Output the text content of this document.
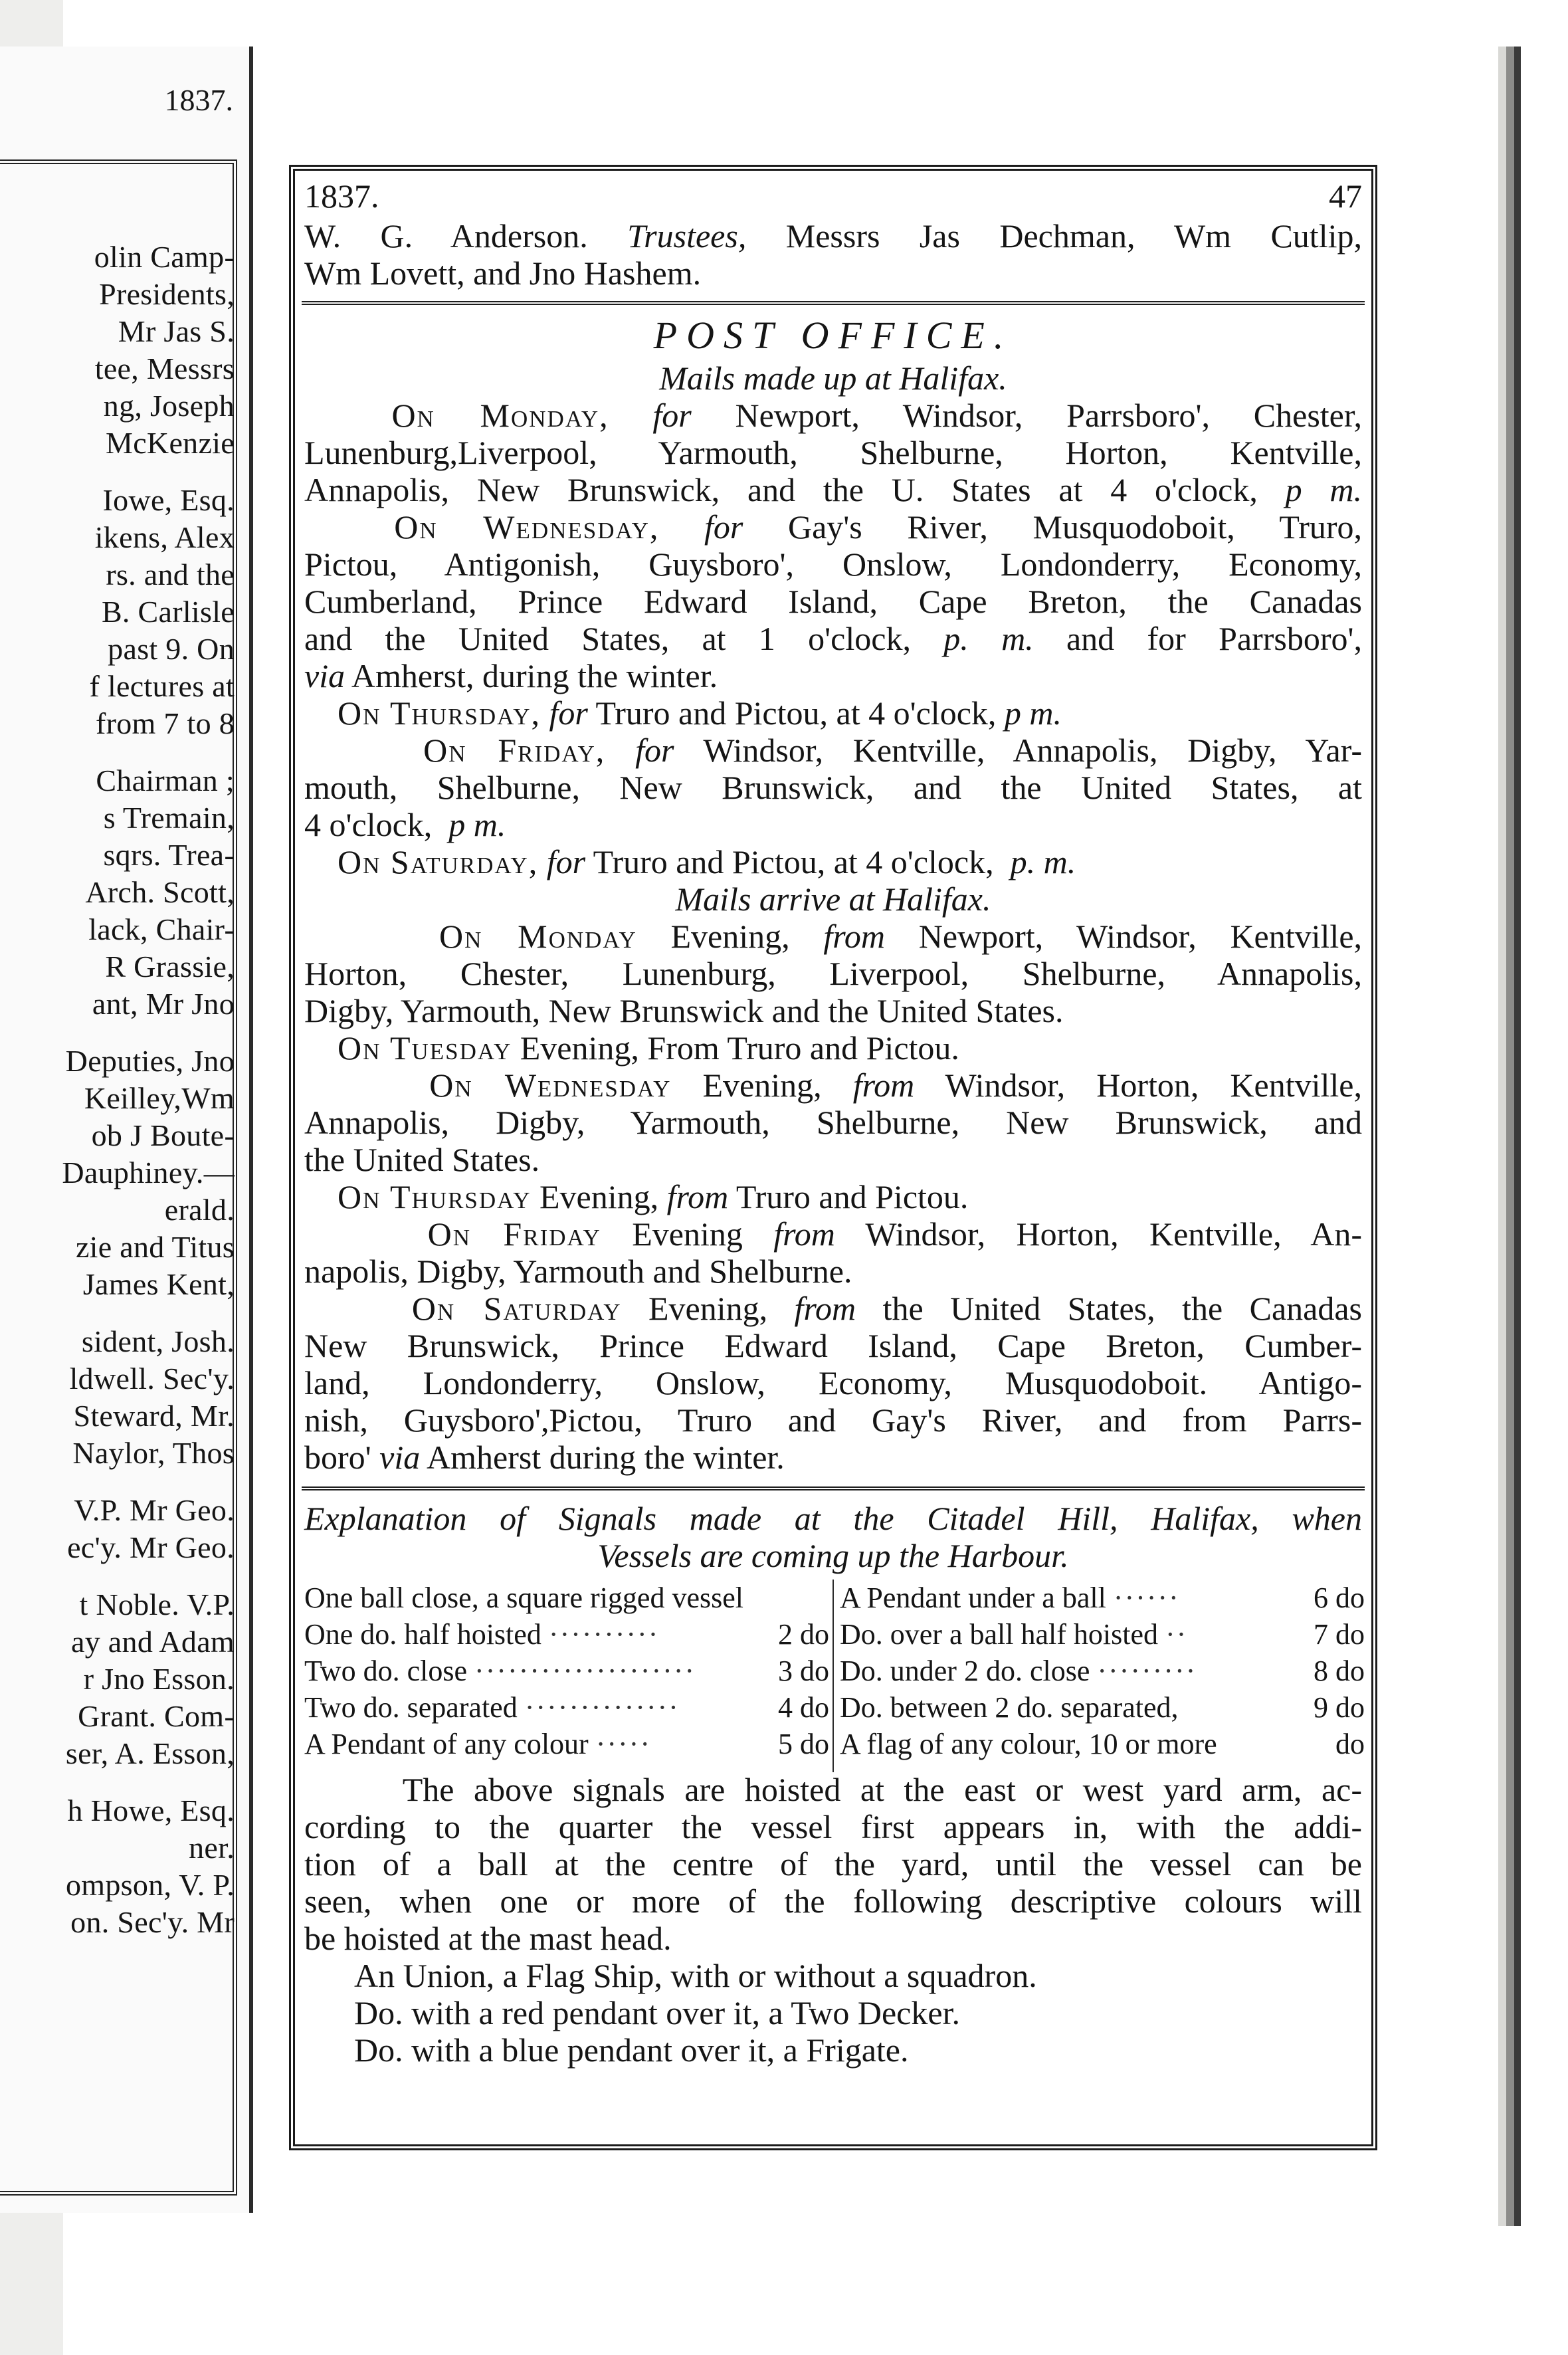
1837.
olin Camp-
Presidents,
Mr Jas S.
tee, Messrs
ng, Joseph
McKenzie
Iowe, Esq.
ikens, Alex
rs. and the
B. Carlisle
past 9. On
f lectures at
from 7 to 8
Chairman ;
s Tremain,
sqrs. Trea-
Arch. Scott,
lack, Chair-
R Grassie,
ant, Mr Jno
Deputies, Jno
Keilley,Wm
ob J Boute-
Dauphiney.—
erald.
zie and Titus
James Kent,
sident, Josh.
ldwell. Sec'y.
Steward, Mr.
Naylor, Thos
V.P. Mr Geo.
ec'y. Mr Geo.
t Noble. V.P.
ay and Adam
r Jno Esson.
Grant. Com-
ser, A. Esson,
h Howe, Esq.
ner.
ompson, V. P.
on. Sec'y. Mr
1837.	47
W. G. Anderson. Trustees, Messrs Jas Dechman, Wm Cutlip,
Wm Lovett, and Jno Hashem.
POST OFFICE.
Mails made up at Halifax.
On Monday, for Newport, Windsor, Parrsboro', Chester,
Lunenburg,Liverpool, Yarmouth, Shelburne, Horton, Kentville,
Annapolis, New Brunswick, and the U. States at 4 o'clock, p m.
On Wednesday, for Gay's River, Musquodoboit, Truro,
Pictou, Antigonish, Guysboro', Onslow, Londonderry, Economy,
Cumberland, Prince Edward Island, Cape Breton, the Canadas
and the United States, at 1 o'clock, p. m. and for Parrsboro',
via Amherst, during the winter.
On Thursday, for Truro and Pictou, at 4 o'clock, p m.
On Friday, for Windsor, Kentville, Annapolis, Digby, Yar-
mouth, Shelburne, New Brunswick, and the United States, at
4 o'clock,  p m.
On Saturday, for Truro and Pictou, at 4 o'clock,  p. m.
Mails arrive at Halifax.
On Monday Evening, from Newport, Windsor, Kentville,
Horton, Chester, Lunenburg, Liverpool, Shelburne, Annapolis,
Digby, Yarmouth, New Brunswick and the United States.
On Tuesday Evening, From Truro and Pictou.
On Wednesday Evening, from Windsor, Horton, Kentville,
Annapolis, Digby, Yarmouth, Shelburne, New Brunswick, and
the United States.
On Thursday Evening, from Truro and Pictou.
On Friday Evening from Windsor, Horton, Kentville, An-
napolis, Digby, Yarmouth and Shelburne.
On Saturday Evening, from the United States, the Canadas
New Brunswick, Prince Edward Island, Cape Breton, Cumber-
land, Londonderry, Onslow, Economy, Musquodoboit. Antigo-
nish, Guysboro',Pictou, Truro and Gay's River, and from Parrs-
boro' via Amherst during the winter.
Explanation of Signals made at the Citadel Hill, Halifax, when
Vessels are coming up the Harbour.
One ball close, a square rigged vessel
One do. half hoisted ··········	2 do
Two do. close ····················	3 do
Two do. separated ··············	4 do
A Pendant of any colour ·····	5 do
A Pendant under a ball ······	6 do
Do. over a ball half hoisted ··	7 do
Do. under 2 do. close ·········	8 do
Do. between 2 do. separated,	9 do
A flag of any colour, 10 or more	do
The above signals are hoisted at the east or west yard arm, ac-
cording to the quarter the vessel first appears in, with the addi-
tion of a ball at the centre of the yard, until the vessel can be
seen, when one or more of the following descriptive colours will
be hoisted at the mast head.
An Union, a Flag Ship, with or without a squadron.
Do. with a red pendant over it, a Two Decker.
Do. with a blue pendant over it, a Frigate.
